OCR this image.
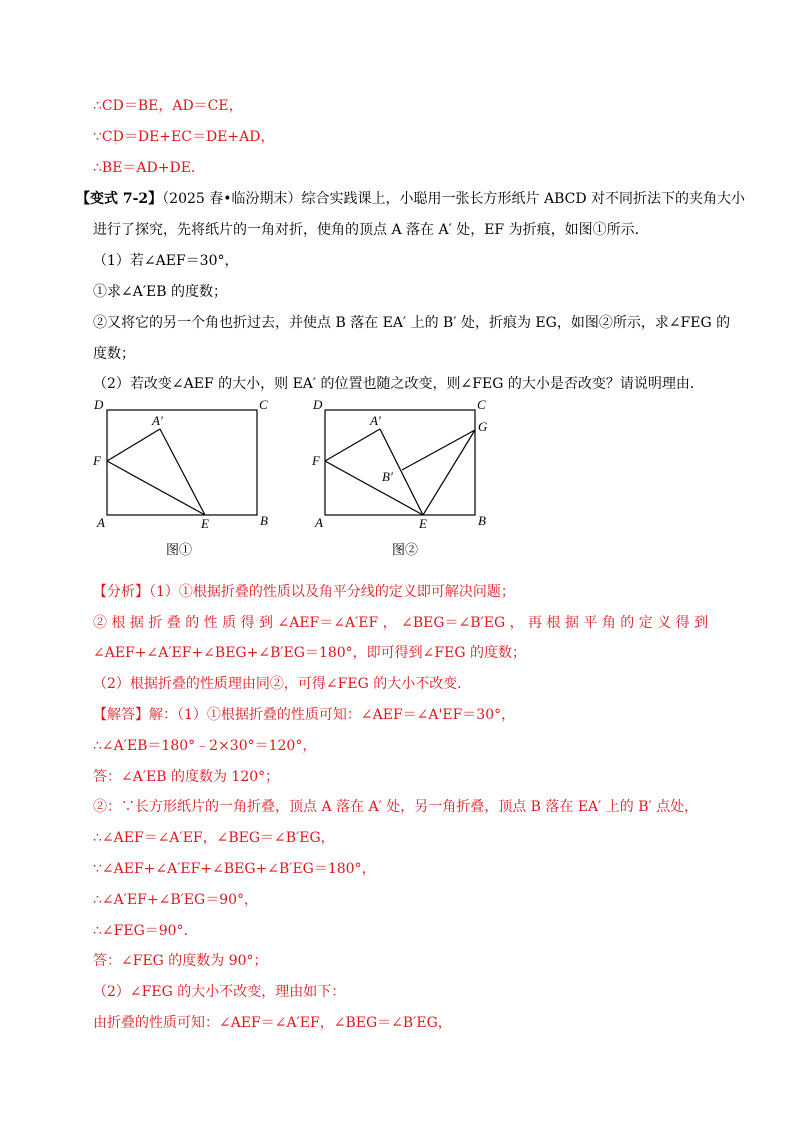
∴CD＝BE，AD＝CE，
∵CD＝DE+EC＝DE+AD，
∴BE＝AD+DE．
【变式 7-2】（2025 春•临汾期末）综合实践课上，小聪用一张长方形纸片 ABCD 对不同折法下的夹角大小
进行了探究，先将纸片的一角对折，使角的顶点 A 落在 A′ 处，EF 为折痕，如图①所示．
（1）若∠AEF＝30°，
①求∠A′EB 的度数；
②又将它的另一个角也折过去，并使点 B 落在 EA′ 上的 B′ 处，折痕为 EG，如图②所示，求∠FEG 的
度数；
（2）若改变∠AEF 的大小，则 EA′ 的位置也随之改变，则∠FEG 的大小是否改变？请说明理由．
D	C
A′
F
A	E	B
图①
D	C
A′	G
F
B′
A	E	B
图②
【分析】（1）①根据折叠的性质以及角平分线的定义即可解决问题；
② 根 据 折 叠 的 性 质 得 到 ∠AEF＝∠A′EF ， ∠BEG＝∠B′EG ， 再 根 据 平 角 的 定 义 得 到
∠AEF+∠A′EF+∠BEG+∠B′EG＝180°，即可得到∠FEG 的度数；
（2）根据折叠的性质理由同②，可得∠FEG 的大小不改变．
【解答】解：（1）①根据折叠的性质可知：∠AEF＝∠A'EF＝30°，
∴∠A′EB＝180°﹣2×30°＝120°，
答：∠A′EB 的度数为 120°；
②：∵长方形纸片的一角折叠，顶点 A 落在 A′ 处，另一角折叠，顶点 B 落在 EA′ 上的 B′ 点处，
∴∠AEF＝∠A′EF，∠BEG＝∠B′EG，
∵∠AEF+∠A′EF+∠BEG+∠B′EG＝180°，
∴∠A′EF+∠B′EG＝90°，
∴∠FEG＝90°．
答：∠FEG 的度数为 90°；
（2）∠FEG 的大小不改变，理由如下：
由折叠的性质可知：∠AEF＝∠A′EF，∠BEG＝∠B′EG，
